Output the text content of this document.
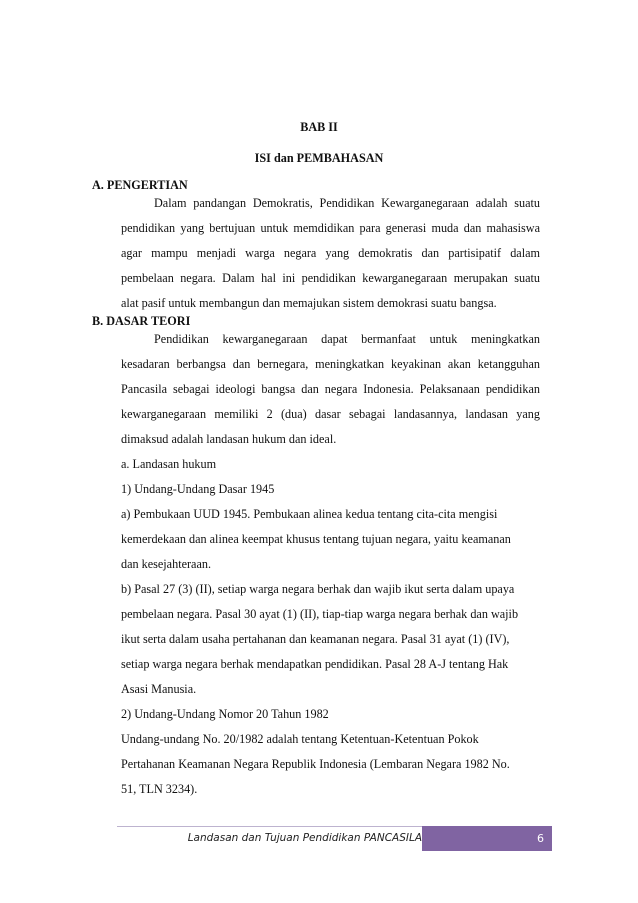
BAB II
ISI dan PEMBAHASAN
A. PENGERTIAN
Dalam pandangan Demokratis, Pendidikan Kewarganegaraan adalah suatu
pendidikan yang bertujuan untuk memdidikan para generasi muda dan mahasiswa
agar mampu menjadi warga negara yang demokratis dan partisipatif dalam
pembelaan negara. Dalam hal ini pendidikan kewarganegaraan merupakan suatu
alat pasif untuk membangun dan memajukan sistem demokrasi suatu bangsa.
B. DASAR TEORI
Pendidikan kewarganegaraan dapat bermanfaat untuk meningkatkan
kesadaran berbangsa dan bernegara, meningkatkan keyakinan akan ketangguhan
Pancasila sebagai ideologi bangsa dan negara Indonesia. Pelaksanaan pendidikan
kewarganegaraan memiliki 2 (dua) dasar sebagai landasannya, landasan yang
dimaksud adalah landasan hukum dan ideal.
a. Landasan hukum
1) Undang-Undang Dasar 1945
a) Pembukaan UUD 1945. Pembukaan alinea kedua tentang cita-cita mengisi
kemerdekaan dan alinea keempat khusus tentang tujuan negara, yaitu keamanan
dan kesejahteraan.
b) Pasal 27 (3) (II), setiap warga negara berhak dan wajib ikut serta dalam upaya
pembelaan negara. Pasal 30 ayat (1) (II), tiap-tiap warga negara berhak dan wajib
ikut serta dalam usaha pertahanan dan keamanan negara. Pasal 31 ayat (1) (IV),
setiap warga negara berhak mendapatkan pendidikan. Pasal 28 A-J tentang Hak
Asasi Manusia.
2) Undang-Undang Nomor 20 Tahun 1982
Undang-undang No. 20/1982 adalah tentang Ketentuan-Ketentuan Pokok
Pertahanan Keamanan Negara Republik Indonesia (Lembaran Negara 1982 No.
51, TLN 3234).
Landasan dan Tujuan Pendidikan PANCASILA	6
